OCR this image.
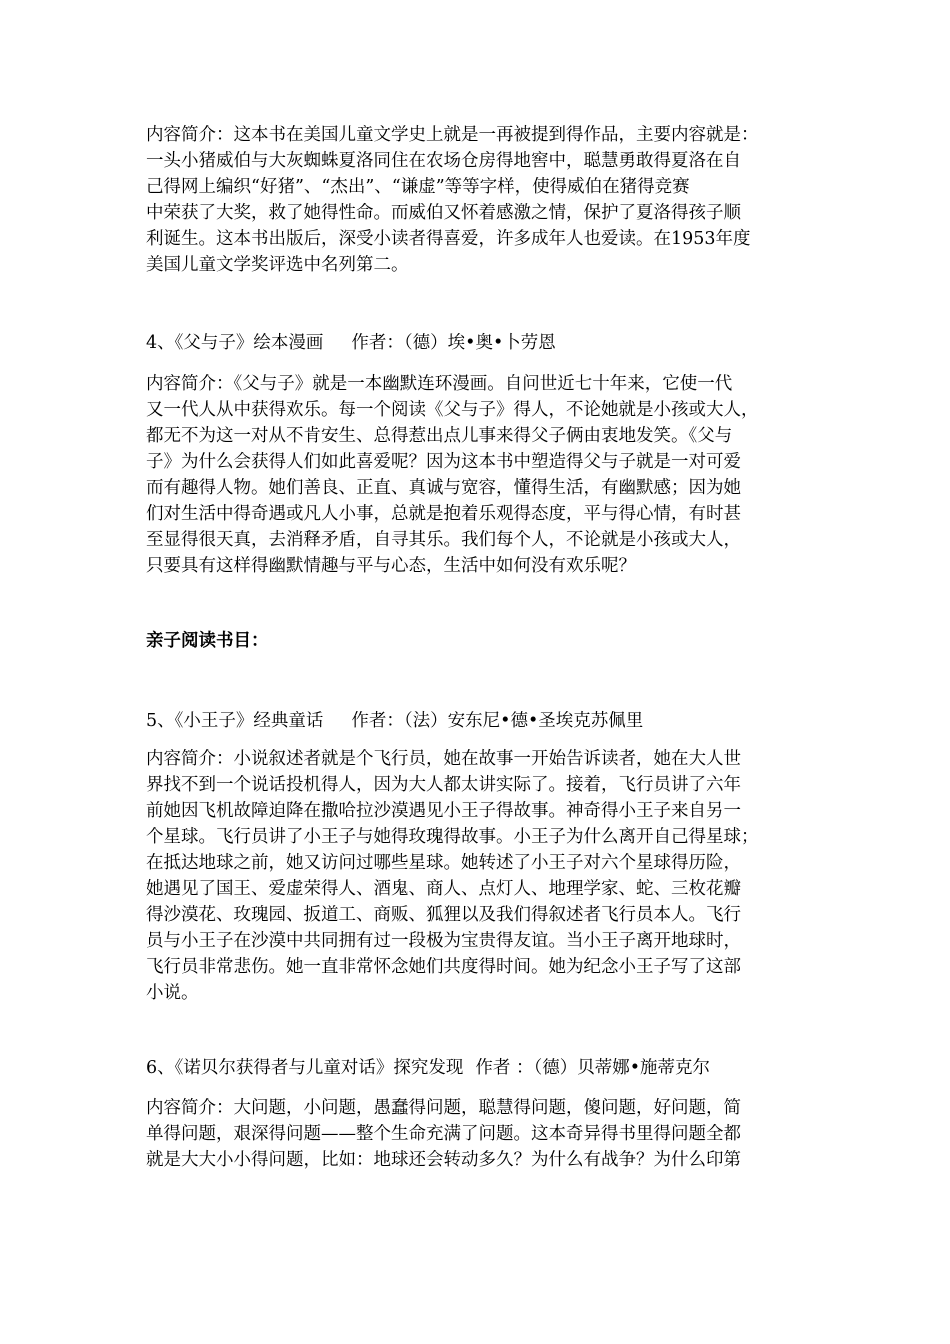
内容简介：这本书在美国儿童文学史上就是一再被提到得作品，主要内容就是：
一头小猪威伯与大灰蜘蛛夏洛同住在农场仓房得地窖中，聪慧勇敢得夏洛在自
己得网上编织“好猪”、“杰出”、“谦虚”等等字样，使得威伯在猪得竞赛
中荣获了大奖，救了她得性命。而威伯又怀着感激之情，保护了夏洛得孩子顺
利诞生。这本书出版后，深受小读者得喜爱，许多成年人也爱读。在1953年度
美国儿童文学奖评选中名列第二。

4、《父与子》绘本漫画 作者：（德）埃•奥•卜劳恩

内容简介：《父与子》就是一本幽默连环漫画。自问世近七十年来，它使一代
又一代人从中获得欢乐。每一个阅读《父与子》得人，不论她就是小孩或大人，
都无不为这一对从不肯安生、总得惹出点儿事来得父子俩由衷地发笑。《父与
子》为什么会获得人们如此喜爱呢？因为这本书中塑造得父与子就是一对可爱
而有趣得人物。她们善良、正直、真诚与宽容，懂得生活，有幽默感；因为她
们对生活中得奇遇或凡人小事，总就是抱着乐观得态度，平与得心情，有时甚
至显得很天真，去消释矛盾，自寻其乐。我们每个人，不论就是小孩或大人，
只要具有这样得幽默情趣与平与心态，生活中如何没有欢乐呢？

亲子阅读书目：

5、《小王子》经典童话 作者：（法）安东尼•德•圣埃克苏佩里

内容简介：小说叙述者就是个飞行员，她在故事一开始告诉读者，她在大人世
界找不到一个说话投机得人，因为大人都太讲实际了。接着，飞行员讲了六年
前她因飞机故障迫降在撒哈拉沙漠遇见小王子得故事。神奇得小王子来自另一
个星球。飞行员讲了小王子与她得玫瑰得故事。小王子为什么离开自己得星球；
在抵达地球之前，她又访问过哪些星球。她转述了小王子对六个星球得历险，
她遇见了国王、爱虚荣得人、酒鬼、商人、点灯人、地理学家、蛇、三枚花瓣
得沙漠花、玫瑰园、扳道工、商贩、狐狸以及我们得叙述者飞行员本人。飞行
员与小王子在沙漠中共同拥有过一段极为宝贵得友谊。当小王子离开地球时，
飞行员非常悲伤。她一直非常怀念她们共度得时间。她为纪念小王子写了这部
小说。

6、《诺贝尔获得者与儿童对话》探究发现 作者 ：（德）贝蒂娜•施蒂克尔

内容简介：大问题，小问题，愚蠢得问题，聪慧得问题，傻问题，好问题，简
单得问题，艰深得问题——整个生命充满了问题。这本奇异得书里得问题全都
就是大大小小得问题，比如：地球还会转动多久？为什么有战争？为什么印第
